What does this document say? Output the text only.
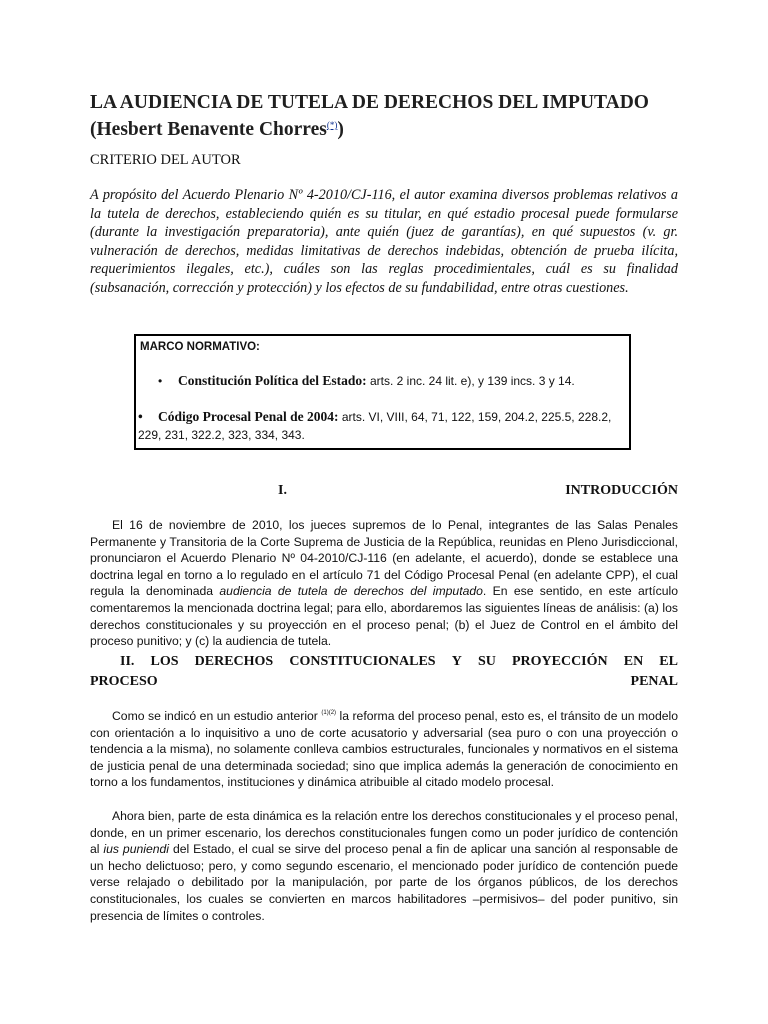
LA AUDIENCIA DE TUTELA DE DERECHOS DEL IMPUTADO (Hesbert Benavente Chorres(*))

CRITERIO DEL AUTOR

A propósito del Acuerdo Plenario Nº 4-2010/CJ-116, el autor examina diversos problemas relativos a la tutela de derechos, estableciendo quién es su titular, en qué estadio procesal puede formularse (durante la investigación preparatoria), ante quién (juez de garantías), en qué supuestos (v. gr. vulneración de derechos, medidas limitativas de derechos indebidas, obtención de prueba ilícita, requerimientos ilegales, etc.), cuáles son las reglas procedimientales, cuál es su finalidad (subsanación, corrección y protección) y los efectos de su fundabilidad, entre otras cuestiones.

MARCO NORMATIVO:

• Constitución Política del Estado: arts. 2 inc. 24 lit. e), y 139 incs. 3 y 14.

• Código Procesal Penal de 2004: arts. VI, VIII, 64, 71, 122, 159, 204.2, 225.5, 228.2, 229, 231, 322.2, 323, 334, 343.

I.	INTRODUCCIÓN

El 16 de noviembre de 2010, los jueces supremos de lo Penal, integrantes de las Salas Penales Permanente y Transitoria de la Corte Suprema de Justicia de la República, reunidas en Pleno Jurisdiccional, pronunciaron el Acuerdo Plenario Nº 04-2010/CJ-116 (en adelante, el acuerdo), donde se establece una doctrina legal en torno a lo regulado en el artículo 71 del Código Procesal Penal (en adelante CPP), el cual regula la denominada audiencia de tutela de derechos del imputado. En ese sentido, en este artículo comentaremos la mencionada doctrina legal; para ello, abordaremos las siguientes líneas de análisis: (a) los derechos constitucionales y su proyección en el proceso penal; (b) el Juez de Control en el ámbito del proceso punitivo; y (c) la audiencia de tutela.

II. LOS DERECHOS CONSTITUCIONALES Y SU PROYECCIÓN EN EL
PROCESO	PENAL

Como se indicó en un estudio anterior $^{(1)(2)}$ la reforma del proceso penal, esto es, el tránsito de un modelo con orientación a lo inquisitivo a uno de corte acusatorio y adversarial (sea puro o con una proyección o tendencia a la misma), no solamente conlleva cambios estructurales, funcionales y normativos en el sistema de justicia penal de una determinada sociedad; sino que implica además la generación de conocimiento en torno a los fundamentos, instituciones y dinámica atribuible al citado modelo procesal.

Ahora bien, parte de esta dinámica es la relación entre los derechos constitucionales y el proceso penal, donde, en un primer escenario, los derechos constitucionales fungen como un poder jurídico de contención al ius puniendi del Estado, el cual se sirve del proceso penal a fin de aplicar una sanción al responsable de un hecho delictuoso; pero, y como segundo escenario, el mencionado poder jurídico de contención puede verse relajado o debilitado por la manipulación, por parte de los órganos públicos, de los derechos constitucionales, los cuales se convierten en marcos habilitadores –permisivos– del poder punitivo, sin presencia de límites o controles.
